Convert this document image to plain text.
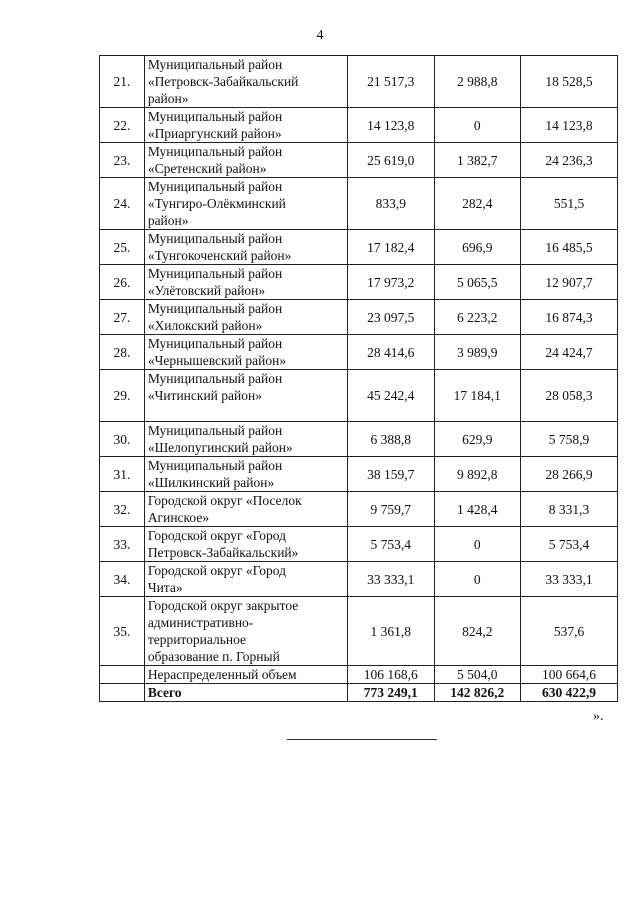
4
21.	Муниципальный район
«Петровск-Забайкальский
район»	21 517,3	2 988,8	18 528,5
22.	Муниципальный район
«Приаргунский район»	14 123,8	0	14 123,8
23.	Муниципальный район
«Сретенский район»	25 619,0	1 382,7	24 236,3
24.	Муниципальный район
«Тунгиро-Олёкминский
район»	833,9	282,4	551,5
25.	Муниципальный район
«Тунгокоченский район»	17 182,4	696,9	16 485,5
26.	Муниципальный район
«Улётовский район»	17 973,2	5 065,5	12 907,7
27.	Муниципальный район
«Хилокский район»	23 097,5	6 223,2	16 874,3
28.	Муниципальный район
«Чернышевский район»	28 414,6	3 989,9	24 424,7
29.	Муниципальный район
«Читинский район»	45 242,4	17 184,1	28 058,3
30.	Муниципальный район
«Шелопугинский район»	6 388,8	629,9	5 758,9
31.	Муниципальный район
«Шилкинский район»	38 159,7	9 892,8	28 266,9
32.	Городской округ «Поселок
Агинское»	9 759,7	1 428,4	8 331,3
33.	Городской округ «Город
Петровск-Забайкальский»	5 753,4	0	5 753,4
34.	Городской округ «Город
Чита»	33 333,1	0	33 333,1
35.	Городской округ закрытое
административно-
территориальное
образование п. Горный	1 361,8	824,2	537,6
	Нераспределенный объем	106 168,6	5 504,0	100 664,6
	Всего	773 249,1	142 826,2	630 422,9
».
